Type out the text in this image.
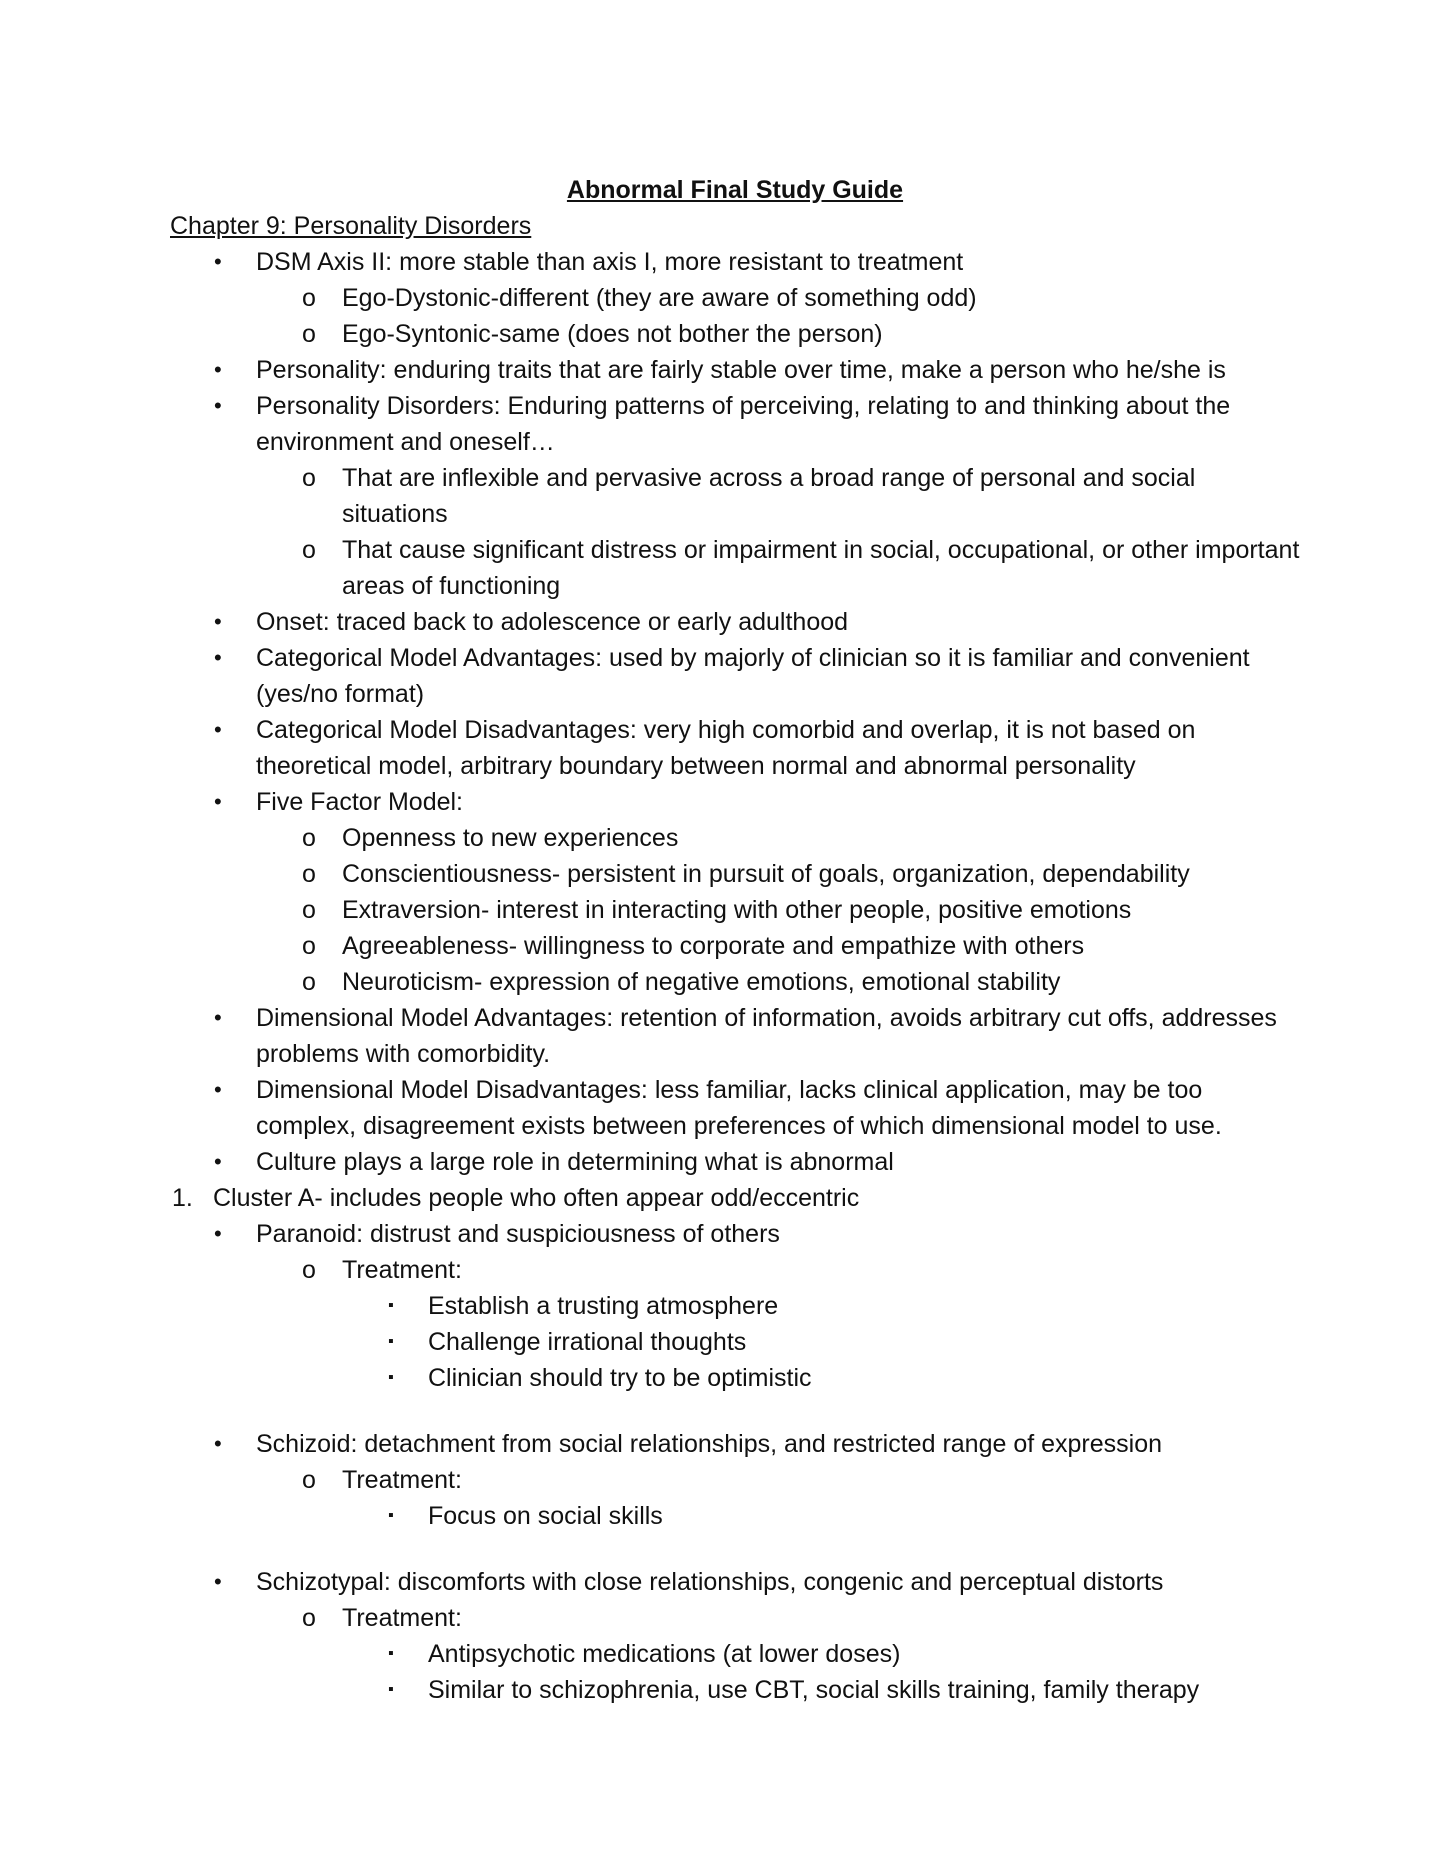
Abnormal Final Study Guide

Chapter 9: Personality Disorders

•	DSM Axis II: more stable than axis I, more resistant to treatment
o	Ego-Dystonic-different (they are aware of something odd)
o	Ego-Syntonic-same (does not bother the person)
•	Personality: enduring traits that are fairly stable over time, make a person who he/she is
•	Personality Disorders: Enduring patterns of perceiving, relating to and thinking about the environment and oneself…
o	That are inflexible and pervasive across a broad range of personal and social situations
o	That cause significant distress or impairment in social, occupational, or other important areas of functioning
•	Onset: traced back to adolescence or early adulthood
•	Categorical Model Advantages: used by majorly of clinician so it is familiar and convenient (yes/no format)
•	Categorical Model Disadvantages: very high comorbid and overlap, it is not based on theoretical model, arbitrary boundary between normal and abnormal personality
•	Five Factor Model:
o	Openness to new experiences
o	Conscientiousness- persistent in pursuit of goals, organization, dependability
o	Extraversion- interest in interacting with other people, positive emotions
o	Agreeableness- willingness to corporate and empathize with others
o	Neuroticism- expression of negative emotions, emotional stability
•	Dimensional Model Advantages: retention of information, avoids arbitrary cut offs, addresses problems with comorbidity.
•	Dimensional Model Disadvantages: less familiar, lacks clinical application, may be too complex, disagreement exists between preferences of which dimensional model to use.
•	Culture plays a large role in determining what is abnormal
1. Cluster A- includes people who often appear odd/eccentric
•	Paranoid: distrust and suspiciousness of others
o	Treatment:
▪	Establish a trusting atmosphere
▪	Challenge irrational thoughts
▪	Clinician should try to be optimistic
•	Schizoid: detachment from social relationships, and restricted range of expression
o	Treatment:
▪	Focus on social skills
•	Schizotypal: discomforts with close relationships, congenic and perceptual distorts
o	Treatment:
▪	Antipsychotic medications (at lower doses)
▪	Similar to schizophrenia, use CBT, social skills training, family therapy
